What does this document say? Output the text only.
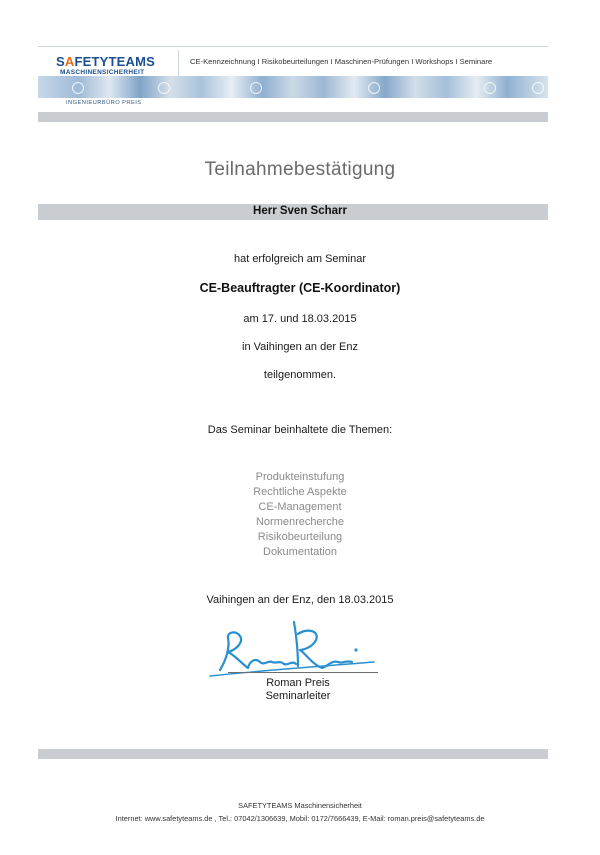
SAFETYTEAMS
MASCHINENSICHERHEIT
CE-Kennzeichnung I Risikobeurteilungen I Maschinen-Prüfungen I Workshops I Seminare
INGENIEURBÜRO PREIS
Teilnahmebestätigung
Herr Sven Scharr
hat erfolgreich am Seminar
CE-Beauftragter (CE-Koordinator)
am 17. und 18.03.2015
in Vaihingen an der Enz
teilgenommen.
Das Seminar beinhaltete die Themen:
Produkteinstufung
Rechtliche Aspekte
CE-Management
Normenrecherche
Risikobeurteilung
Dokumentation
Vaihingen an der Enz, den 18.03.2015
Roman Preis
Seminarleiter
SAFETYTEAMS Maschinensicherheit
Internet: www.safetyteams.de , Tel.: 07042/1306639, Mobil: 0172/7666439, E-Mail: roman.preis@safetyteams.de
